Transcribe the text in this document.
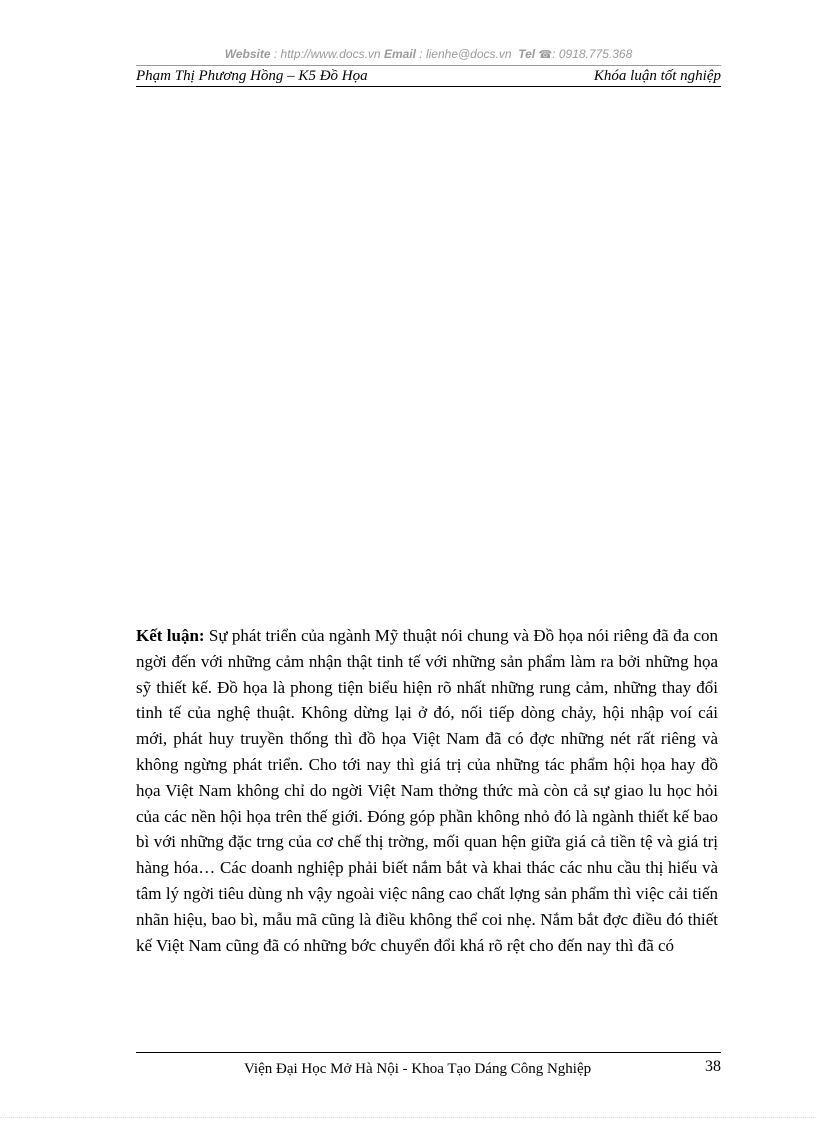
Website : http://www.docs.vn Email : lienhe@docs.vn Tel ☎: 0918.775.368
Phạm Thị Phương Hồng – K5 Đồ Họa	Khóa luận tốt nghiệp

Kết luận: Sự phát triển của ngành Mỹ thuật nói chung và Đồ họa nói riêng đã đa con ngời đến với những cảm nhận thật tinh tế với những sản phẩm làm ra bởi những họa sỹ thiết kế. Đồ họa là phong tiện biểu hiện rõ nhất những rung cảm, những thay đổi tinh tế của nghệ thuật. Không dừng lại ở đó, nối tiếp dòng chảy, hội nhập voí cái mới, phát huy truyền thống thì đồ họa Việt Nam đã có đợc những nét rất riêng và không ngừng phát triển. Cho tới nay thì giá trị của những tác phẩm hội họa hay đồ họa Việt Nam không chỉ do ngời Việt Nam thởng thức mà còn cả sự giao lu học hỏi của các nền hội họa trên thế giới. Đóng góp phần không nhỏ đó là ngành thiết kế bao bì với những đặc trng của cơ chế thị trờng, mối quan hện giữa giá cả tiền tệ và giá trị hàng hóa… Các doanh nghiệp phải biết nắm bắt và khai thác các nhu cầu thị hiếu và tâm lý ngời tiêu dùng nh vậy ngoài việc nâng cao chất lợng sản phẩm thì việc cải tiến nhãn hiệu, bao bì, mẫu mã cũng là điều không thể coi nhẹ. Nắm bắt đợc điều đó thiết kế Việt Nam cũng đã có những bớc chuyển đổi khá rõ rệt cho đến nay thì đã có

Viện Đại Học Mở Hà Nội - Khoa Tạo Dáng Công Nghiệp	38
